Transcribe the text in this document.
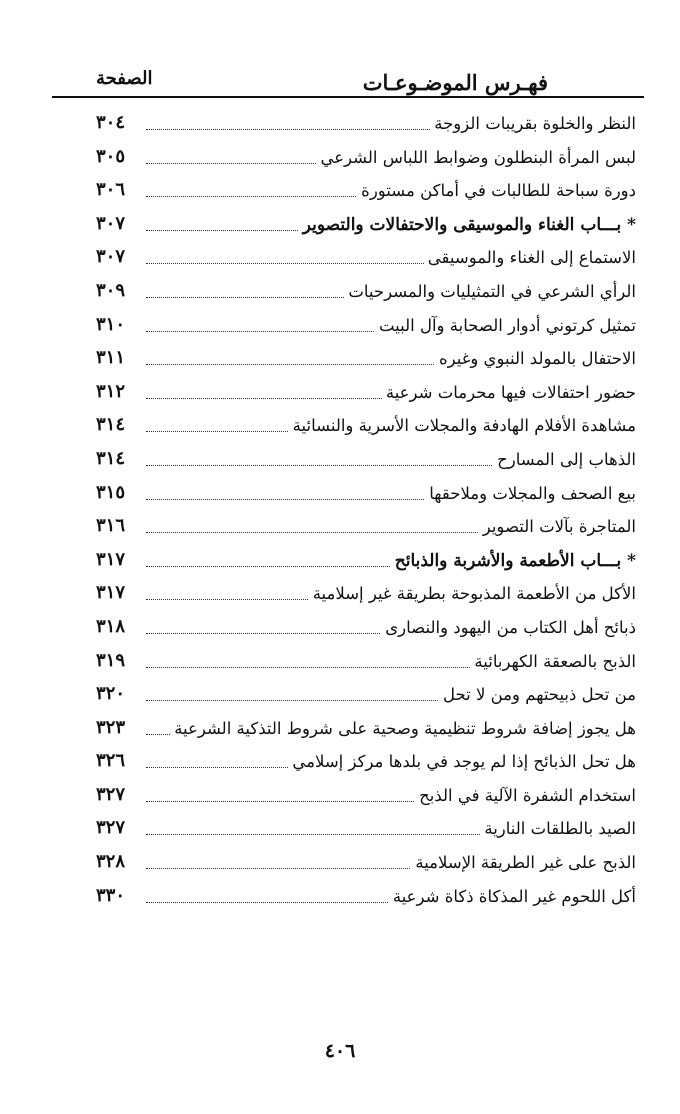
فهـرس الموضـوعـات
الصفحة
النظر والخلوة بقريبات الزوجة
٣٠٤
لبس المرأة البنطلون وضوابط اللباس الشرعي
٣٠٥
دورة سباحة للطالبات في أماكن مستورة
٣٠٦
* بـــاب الغناء والموسيقى والاحتفالات والتصوير
٣٠٧
الاستماع إلى الغناء والموسيقى
٣٠٧
الرأي الشرعي في التمثيليات والمسرحيات
٣٠٩
تمثيل كرتوني أدوار الصحابة وآل البيت
٣١٠
الاحتفال بالمولد النبوي وغيره
٣١١
حضور احتفالات فيها محرمات شرعية
٣١٢
مشاهدة الأفلام الهادفة والمجلات الأسرية والنسائية
٣١٤
الذهاب إلى المسارح
٣١٤
بيع الصحف والمجلات وملاحقها
٣١٥
المتاجرة بآلات التصوير
٣١٦
* بـــاب الأطعمة والأشربة والذبائح
٣١٧
الأكل من الأطعمة المذبوحة بطريقة غير إسلامية
٣١٧
ذبائح أهل الكتاب من اليهود والنصارى
٣١٨
الذبح بالصعقة الكهربائية
٣١٩
من تحل ذبيحتهم ومن لا تحل
٣٢٠
هل يجوز إضافة شروط تنظيمية وصحية على شروط التذكية الشرعية
٣٢٣
هل تحل الذبائح إذا لم يوجد في بلدها مركز إسلامي
٣٢٦
استخدام الشفرة الآلية في الذبح
٣٢٧
الصيد بالطلقات النارية
٣٢٧
الذبح على غير الطريقة الإسلامية
٣٢٨
أكل اللحوم غير المذكاة ذكاة شرعية
٣٣٠
٤٠٦
